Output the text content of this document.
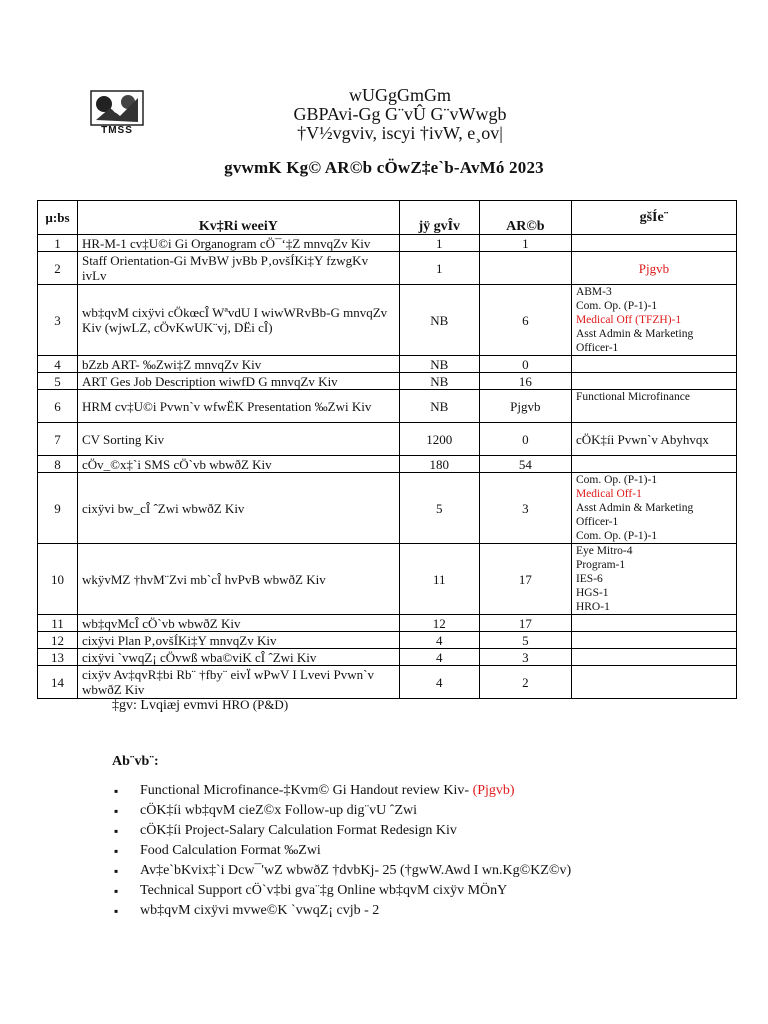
TMSS
wUGgGmGm
GBPAvi-Gg G¨vÛ G¨vWwgb
†V½vgviv, iscyi †ivW, e¸ov|
gvwmK Kg© AR©b cÖwZ‡e`b-AvMó 2023
µ:bs	Kv‡Ri weeiY	jÿ gvÎv	AR©b	gšÍe¨
1	HR-M-1 cv‡U©i Gi Organogram cÖ¯‘‡Z mnvqZv Kiv	1	1	
2	Staff Orientation-Gi MvBW jvBb P‚ovšÍKi‡Y fzwgKv ivLv	1		Pjgvb

3	wb‡qvM cixÿvi cÖkœcÎ WªvdU I wiwWRvBb-G mnvqZv Kiv (wjwLZ, cÖvKwUK¨vj, DËi cÎ)	NB	6	ABM-3
Com. Op. (P-1)-1
Medical Off (TFZH)-1
Asst Admin & Marketing Officer-1

4	bZzb ART- ‰Zwi‡Z mnvqZv Kiv	NB	0	
5	ART Ges Job Description wiwfD G mnvqZv Kiv	NB	16	
6	HRM cv‡U©i Pvwn`v wfwËK Presentation ‰Zwi Kiv	NB	Pjgvb	Functional Microfinance

7	CV Sorting Kiv	1200	0	cÖK‡íi Pvwn`v Abyhvqx

8	cÖv_©x‡`i SMS cÖ`vb wbwðZ Kiv	180	54	
9	cixÿvi bw_cÎ ˆZwi wbwðZ Kiv	5	3	Com. Op. (P-1)-1
Medical Off-1
Asst Admin & Marketing Officer-1
Com. Op. (P-1)-1

10	wkÿvMZ †hvM¨Zvi mb`cÎ hvPvB wbwðZ Kiv	11	17	Eye Mitro-4
Program-1
IES-6
HGS-1
HRO-1

11	wb‡qvMcÎ cÖ`vb wbwðZ Kiv	12	17	
12	cixÿvi Plan P‚ovšÍKi‡Y mnvqZv Kiv	4	5	
13	cixÿvi `vwqZ¡ cÖvwß wba©viK cÎ ˆZwi Kiv	4	3	
14	cixÿv Av‡qvR‡bi Rb¨ †fby¨ eivÏ wPwV I Lvevi Pvwn`v wbwðZ Kiv	4	2	
‡gv: Lvqiæj evmvi HRO (P&D)
Ab¨vb¨:
▪ Functional Microfinance-‡Kvm© Gi Handout review Kiv- (Pjgvb)
▪ cÖK‡íi wb‡qvM cieZ©x Follow-up dig¨vU ˆZwi
▪ cÖK‡íi Project-Salary Calculation Format Redesign Kiv
▪ Food Calculation Format ‰Zwi
▪ Av‡e`bKvix‡`i Dcw¯'wZ wbwðZ †dvbKj- 25 (†gwW.Awd I wn.Kg©KZ©v)
▪ Technical Support cÖ`v‡bi gva¨‡g Online wb‡qvM cixÿv MÖnY
▪ wb‡qvM cixÿvi mvwe©K `vwqZ¡ cvjb - 2
